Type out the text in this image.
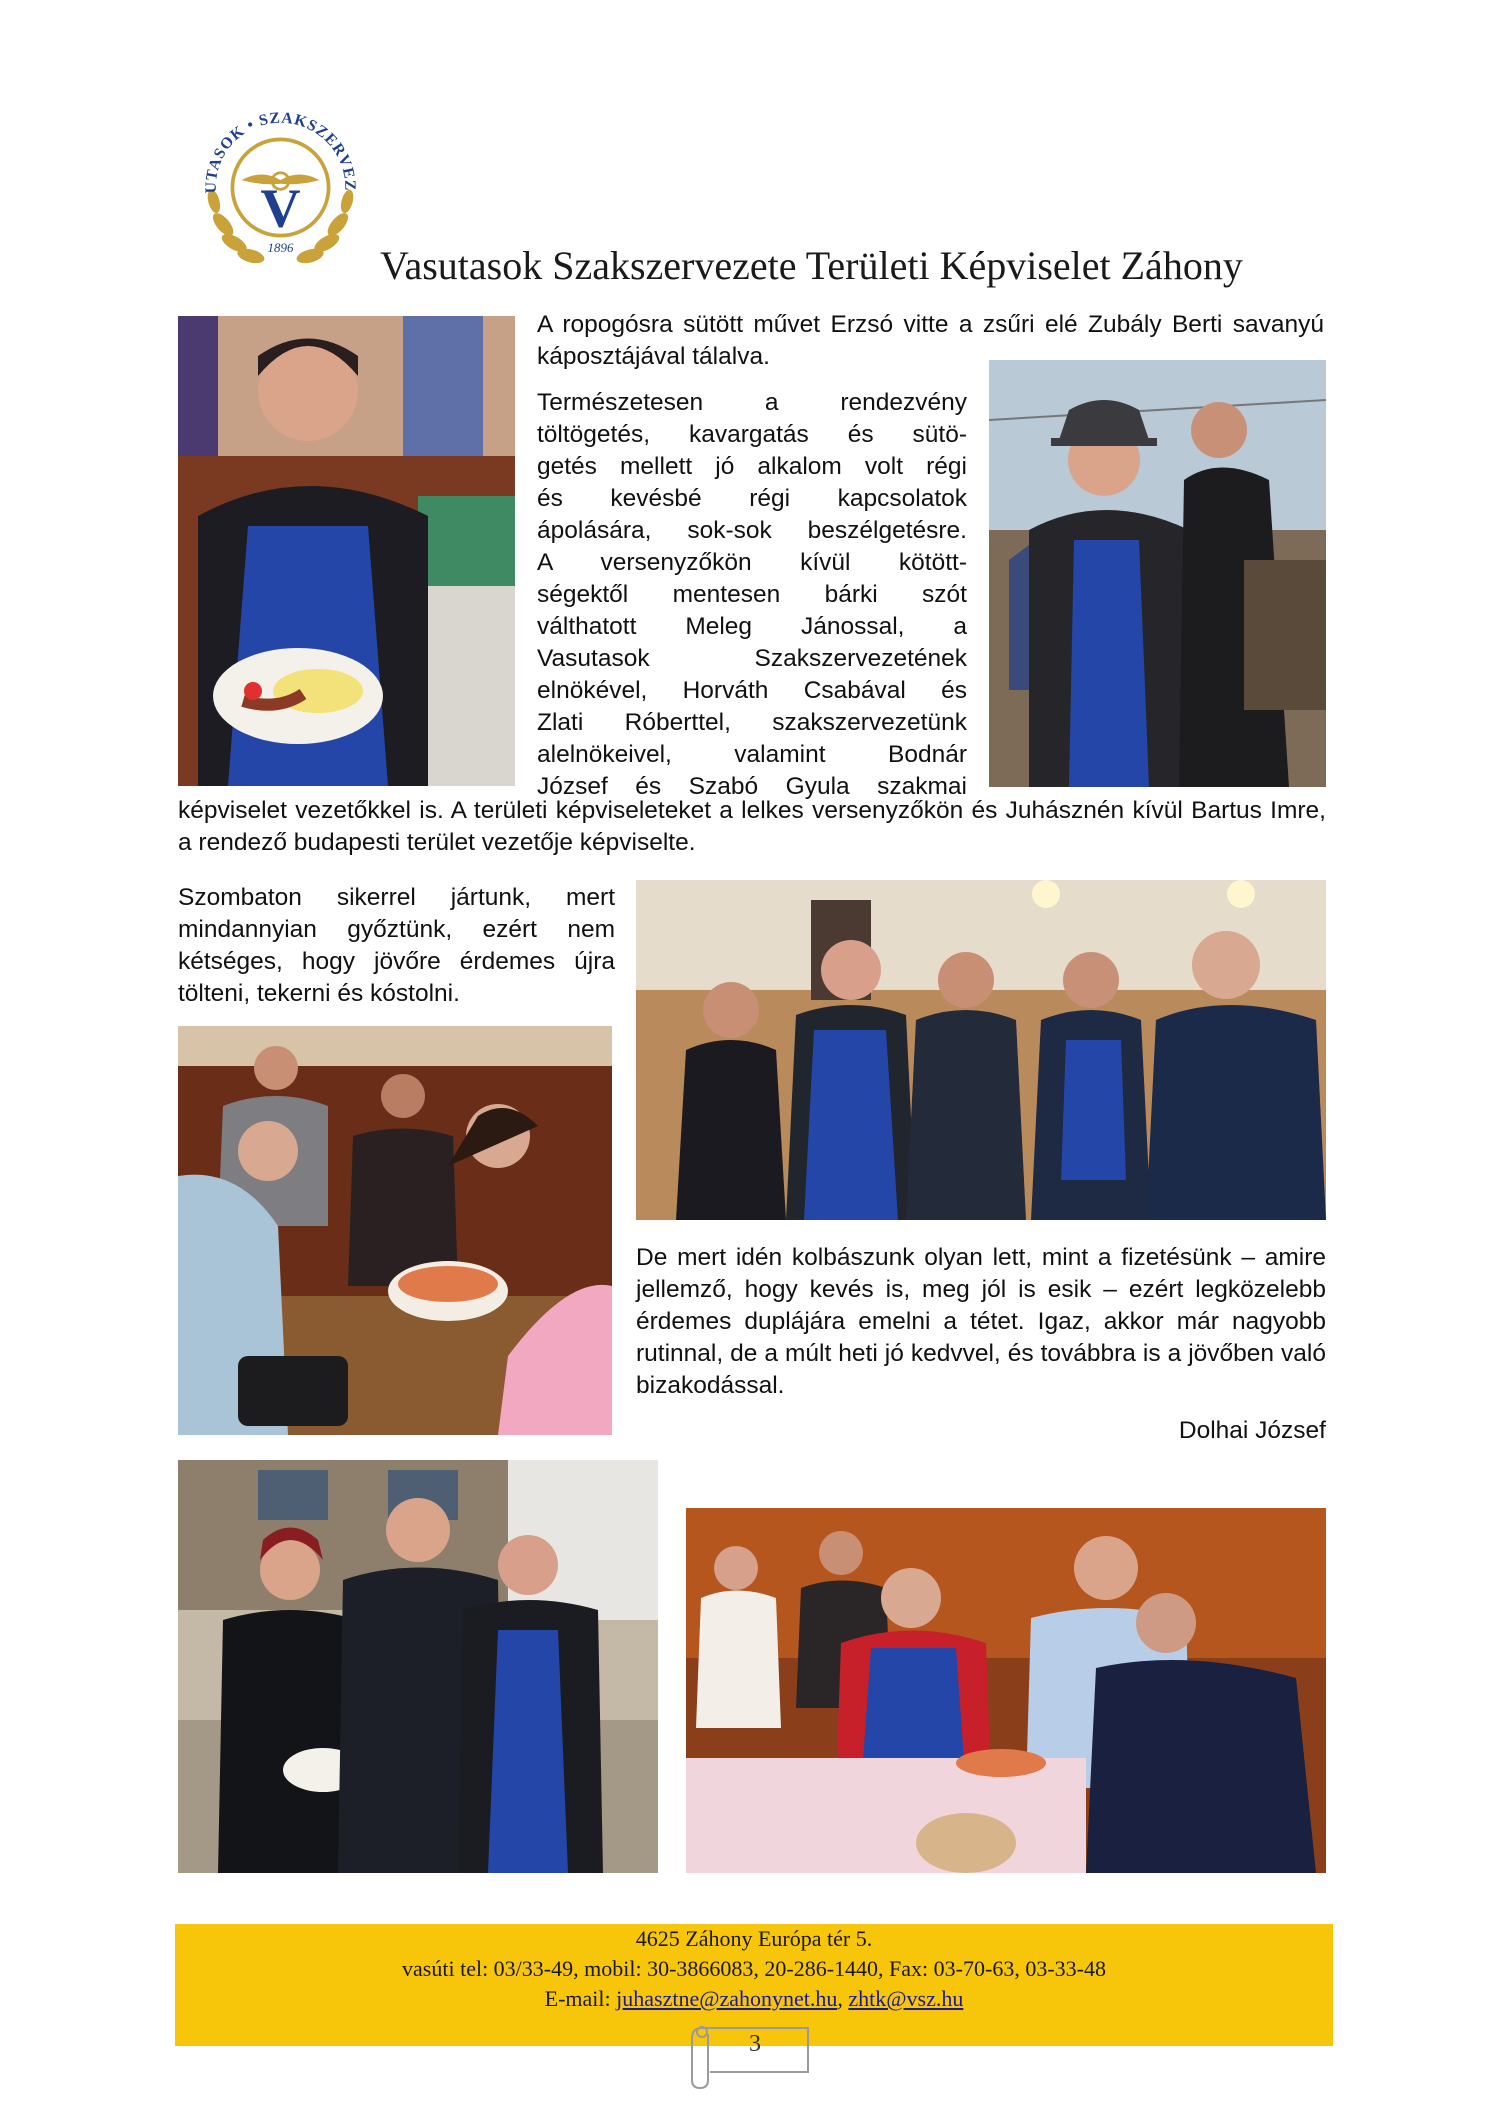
UTASOK • SZAKSZERVEZ
V
1896 Vasutasok Szakszervezete Területi Képviselet Záhony

A ropogósra sütött művet Erzsó vitte a zsűri elé Zubály Berti savanyú káposztájával tálalva.

Természetesen a rendezvény

töltögetés, kavargatás és sütö-

getés mellett jó alkalom volt régi

és kevésbé régi kapcsolatok

ápolására, sok-sok beszélgetésre.

A versenyzőkön kívül kötött-

ségektől mentesen bárki szót

válthatott Meleg Jánossal, a

Vasutasok Szakszervezetének

elnökével, Horváth Csabával és

Zlati Róberttel, szakszervezetünk

alelnökeivel, valamint Bodnár

József és Szabó Gyula szakmai

képviselet vezetőkkel is. A területi képviseleteket a lelkes versenyzőkön és Juhásznén kívül Bartus Imre, a rendező budapesti terület vezetője képviselte.

Szombaton sikerrel jártunk, mert mindannyian győztünk, ezért nem kétséges, hogy jövőre érdemes újra tölteni, tekerni és kóstolni.

De mert idén kolbászunk olyan lett, mint a fizetésünk – amire jellemző, hogy kevés is, meg jól is esik – ezért legközelebb érdemes duplájára emelni a tétet. Igaz, akkor már nagyobb rutinnal, de a múlt heti jó kedvvel, és továbbra is a jövőben való bizakodással.

Dolhai József
4625 Záhony Európa tér 5.
vasúti tel: 03/33-49, mobil: 30-3866083, 20-286-1440, Fax: 03-70-63, 03-33-48
E-mail: juhasztne@zahonynet.hu, zhtk@vsz.hu
3
